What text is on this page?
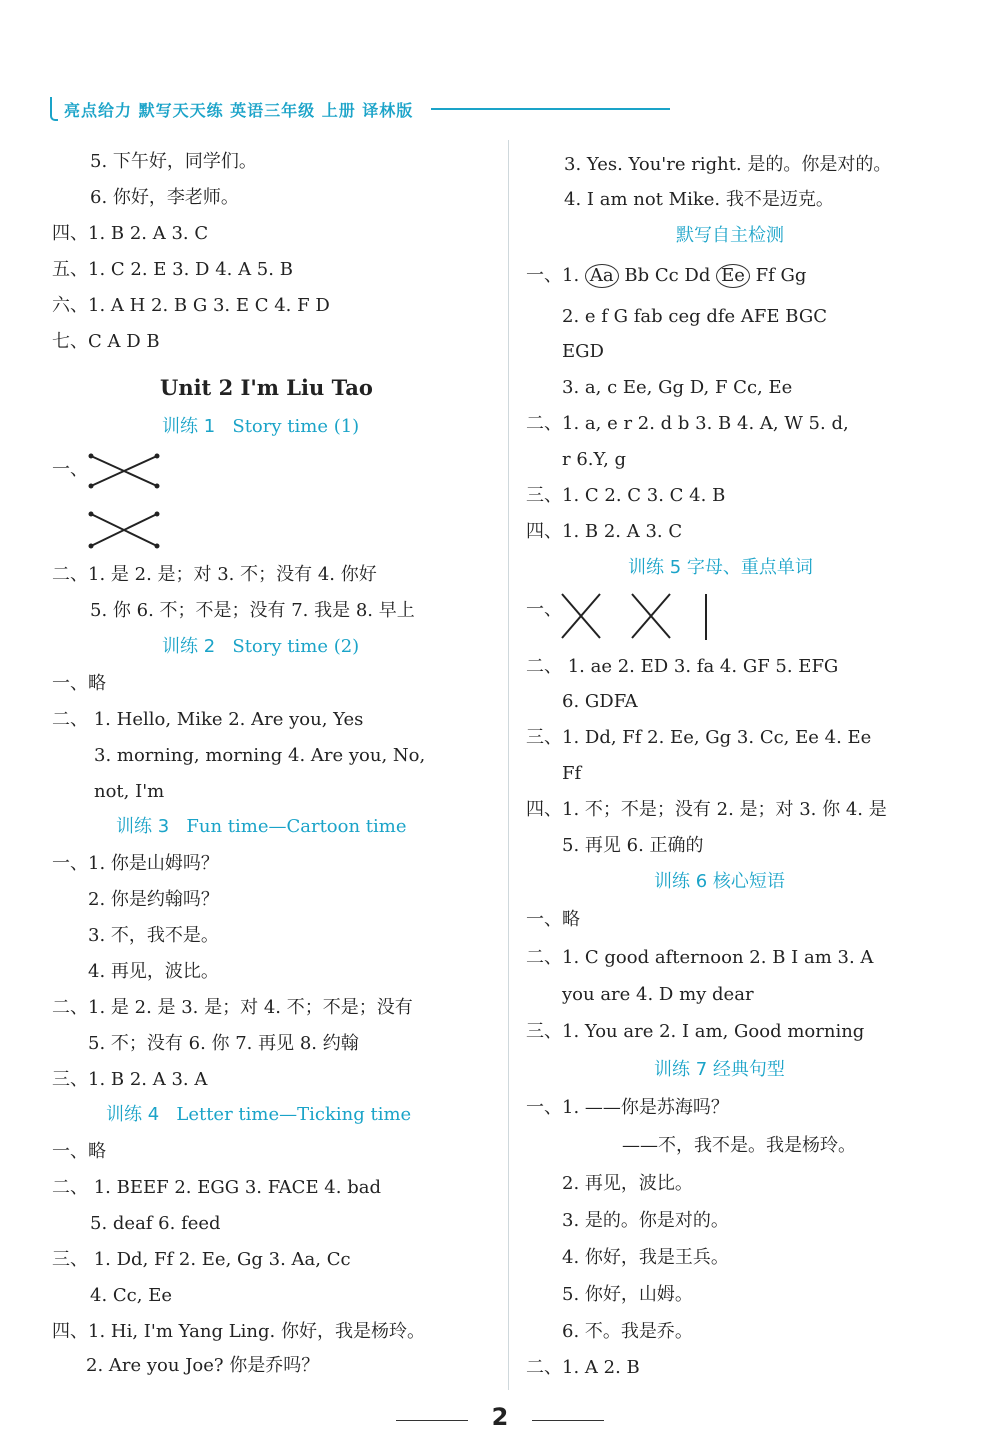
亮点给力 默写天天练 英语三年级 上册 译林版
5. 下午好，同学们。
6. 你好，李老师。
四、1. B 2. A 3. C
五、1. C 2. E 3. D 4. A 5. B
六、1. A H 2. B G 3. E C 4. F D
七、C A D B
Unit 2 I'm Liu Tao
训练 1 Story time (1)
一、
二、1. 是 2. 是；对 3. 不；没有 4. 你好
5. 你 6. 不；不是；没有 7. 我是 8. 早上
训练 2 Story time (2)
一、略
二、 1. Hello, Mike 2. Are you, Yes
3. morning, morning 4. Are you, No,
not, I'm
训练 3 Fun time—Cartoon time
一、1. 你是山姆吗？
2. 你是约翰吗？
3. 不，我不是。
4. 再见，波比。
二、1. 是 2. 是 3. 是；对 4. 不；不是；没有
5. 不；没有 6. 你 7. 再见 8. 约翰
三、1. B 2. A 3. A
训练 4 Letter time—Ticking time
一、略
二、 1. BEEF 2. EGG 3. FACE 4. bad
5. deaf 6. feed
三、 1. Dd, Ff 2. Ee, Gg 3. Aa, Cc
4. Cc, Ee
四、1. Hi, I'm Yang Ling. 你好，我是杨玲。
2. Are you Joe? 你是乔吗？
3. Yes. You're right. 是的。你是对的。
4. I am not Mike. 我不是迈克。
默写自主检测
一、1. Aa Bb Cc Dd Ee Ff Gg
2. e f G fab ceg dfe AFE BGC
EGD
3. a, c Ee, Gg D, F Cc, Ee
二、1. a, e r 2. d b 3. B 4. A, W 5. d,
r 6.Y, g
三、1. C 2. C 3. C 4. B
四、1. B 2. A 3. C
训练 5 字母、重点单词
一、
二、 1. ae 2. ED 3. fa 4. GF 5. EFG
6. GDFA
三、1. Dd, Ff 2. Ee, Gg 3. Cc, Ee 4. Ee
Ff
四、1. 不；不是；没有 2. 是；对 3. 你 4. 是
5. 再见 6. 正确的
训练 6 核心短语
一、略
二、1. C good afternoon 2. B I am 3. A
you are 4. D my dear
三、1. You are 2. I am, Good morning
训练 7 经典句型
一、1. ——你是苏海吗？
——不，我不是。我是杨玲。
2. 再见，波比。
3. 是的。你是对的。
4. 你好，我是王兵。
5. 你好，山姆。
6. 不。我是乔。
二、1. A 2. B
2
